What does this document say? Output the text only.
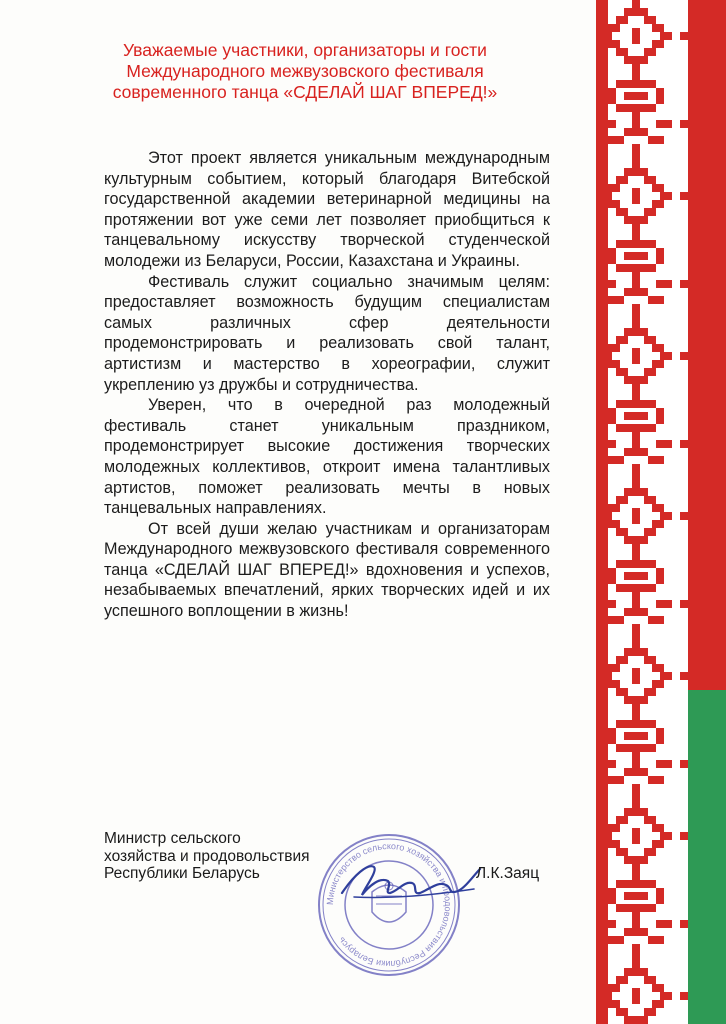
Уважаемые участники, организаторы и гости
Международного межвузовского фестиваля
современного танца «СДЕЛАЙ ШАГ ВПЕРЕД!»

Этот проект является уникальным международным культурным событием, который благодаря Витебской государственной академии ветеринарной медицины на протяжении вот уже семи лет позволяет приобщиться к танцевальному искусству творческой студенческой молодежи из Беларуси, России, Казахстана и Украины.

Фестиваль служит социально значимым целям: предоставляет возможность будущим специалистам самых различных сфер деятельности продемонстрировать и реализовать свой талант, артистизм и мастерство в хореографии, служит укреплению уз дружбы и сотрудничества.

Уверен, что в очередной раз молодежный фестиваль станет уникальным праздником, продемонстрирует высокие достижения творческих молодежных коллективов, откроит имена талантливых артистов, поможет реализовать мечты в новых танцевальных направлениях.

От всей души желаю участникам и организаторам Международного межвузовского фестиваля современного танца «СДЕЛАЙ ШАГ ВПЕРЕД!» вдохновения и успехов, незабываемых впечатлений, ярких творческих идей и их успешного воплощении в жизнь!

Министерство сельского хозяйства и продовольствия Республики Беларусь
Министр сельского
хозяйства и продовольствия
Республики Беларусь	Л.К.Заяц
